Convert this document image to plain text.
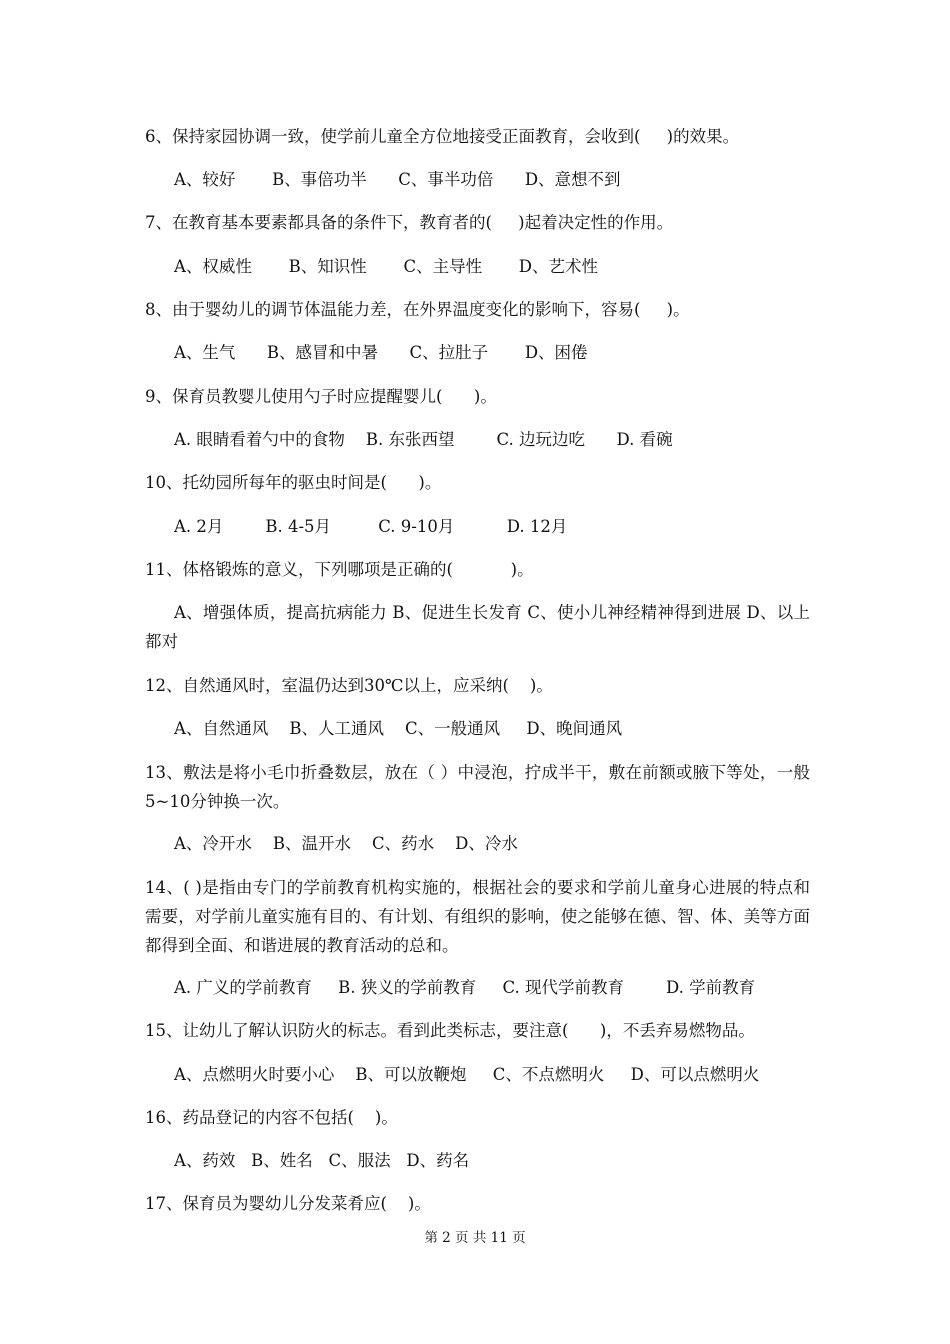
6、保持家园协调一致，使学前儿童全方位地接受正面教育，会收到(     )的效果。
A、较好       B、事倍功半      C、事半功倍      D、意想不到
7、在教育基本要素都具备的条件下，教育者的(     )起着决定性的作用。
A、权威性       B、知识性       C、主导性       D、艺术性
8、由于婴幼儿的调节体温能力差，在外界温度变化的影响下，容易(     )。
A、生气      B、感冒和中暑      C、拉肚子       D、困倦
9、保育员教婴儿使用勺子时应提醒婴儿(      )。
A. 眼睛看着勺中的食物    B. 东张西望        C. 边玩边吃      D. 看碗
10、托幼园所每年的驱虫时间是(      )。
A. 2月        B. 4-5月         C. 9-10月          D. 12月
11、体格锻炼的意义，下列哪项是正确的(           )。
A、增强体质，提高抗病能力 B、促进生长发育 C、使小儿神经精神得到进展 D、以上都对
12、自然通风时，室温仍达到30℃以上，应采纳(    )。
A、自然通风    B、人工通风    C、一般通风     D、晚间通风
13、敷法是将小毛巾折叠数层，放在（ ）中浸泡，拧成半干，敷在前额或腋下等处，一般5~10分钟换一次。
A、冷开水    B、温开水    C、药水    D、冷水
14、( )是指由专门的学前教育机构实施的，根据社会的要求和学前儿童身心进展的特点和需要，对学前儿童实施有目的、有计划、有组织的影响，使之能够在德、智、体、美等方面都得到全面、和谐进展的教育活动的总和。
A. 广义的学前教育     B. 狭义的学前教育     C. 现代学前教育        D. 学前教育
15、让幼儿了解认识防火的标志。看到此类标志，要注意(      )，不丢弃易燃物品。
A、点燃明火时要小心    B、可以放鞭炮     C、不点燃明火     D、可以点燃明火
16、药品登记的内容不包括(    )。
A、药效   B、姓名   C、服法   D、药名
17、保育员为婴幼儿分发菜肴应(    )。
第 2 页 共 11 页
